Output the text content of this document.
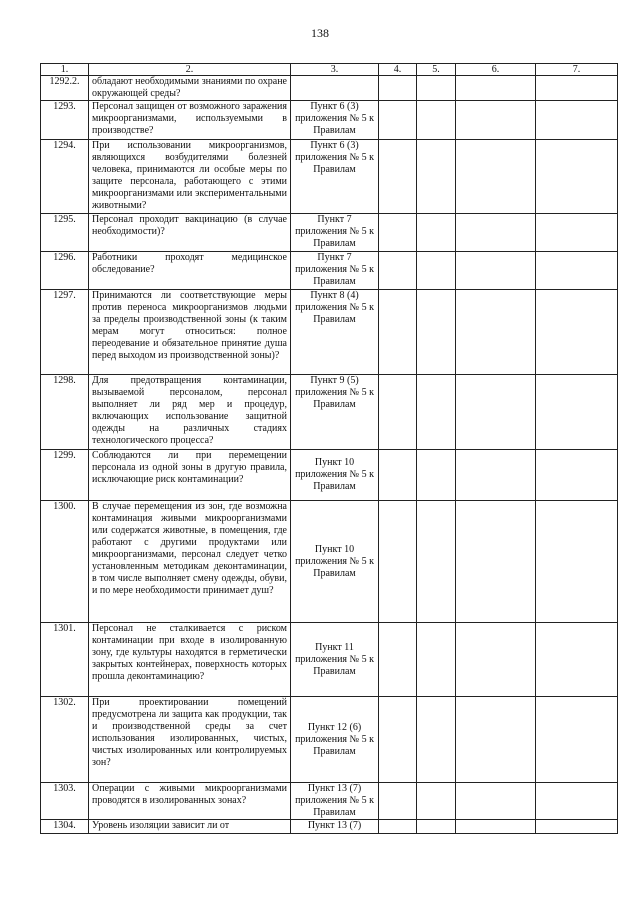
138
1.	2.	3.	4.	5.	6.	7.
1292.2.	обладают необходимыми знаниями по охране окружающей среды?					
1293.	Персонал защищен от возможного заражения микроорганизмами, используемыми в производстве?	Пункт 6 (3) приложения № 5 к Правилам				
1294.	При использовании микроорганизмов, являющихся возбудителями болезней человека, принимаются ли особые меры по защите персонала, работающего с этими микроорганизмами или экспериментальными животными?	Пункт 6 (3) приложения № 5 к Правилам				
1295.	Персонал проходит вакцинацию (в случае необходимости)?	Пункт 7 приложения № 5 к Правилам				
1296.	Работники проходят медицинское обследование?	Пункт 7 приложения № 5 к Правилам				
1297.	Принимаются ли соответствующие меры против переноса микроорганизмов людьми за пределы производственной зоны (к таким мерам могут относиться: полное переодевание и обязательное принятие душа перед выходом из производственной зоны)?	Пункт 8 (4) приложения № 5 к Правилам				
1298.	Для предотвращения контаминации, вызываемой персоналом, персонал выполняет ли ряд мер и процедур, включающих использование защитной одежды на различных стадиях технологического процесса?	Пункт 9 (5) приложения № 5 к Правилам				
1299.	Соблюдаются ли при перемещении персонала из одной зоны в другую правила, исключающие риск контаминации?	Пункт 10 приложения № 5 к Правилам				
1300.	В случае перемещения из зон, где возможна контаминация живыми микроорганизмами или содержатся животные, в помещения, где работают с другими продуктами или микроорганизмами, персонал следует четко установленным методикам деконтаминации, в том числе выполняет смену одежды, обуви, и по мере необходимости принимает душ?	Пункт 10 приложения № 5 к Правилам				
1301.	Персонал не сталкивается с риском контаминации при входе в изолированную зону, где культуры находятся в герметически закрытых контейнерах, поверхность которых прошла деконтаминацию?	Пункт 11 приложения № 5 к Правилам				
1302.	При проектировании помещений предусмотрена ли защита как продукции, так и производственной среды за счет использования изолированных, чистых, чистых изолированных или контролируемых зон?	Пункт 12 (6) приложения № 5 к Правилам				
1303.	Операции с живыми микроорганизмами проводятся в изолированных зонах?	Пункт 13 (7) приложения № 5 к Правилам				
1304.	Уровень изоляции зависит ли от	Пункт 13 (7)				
